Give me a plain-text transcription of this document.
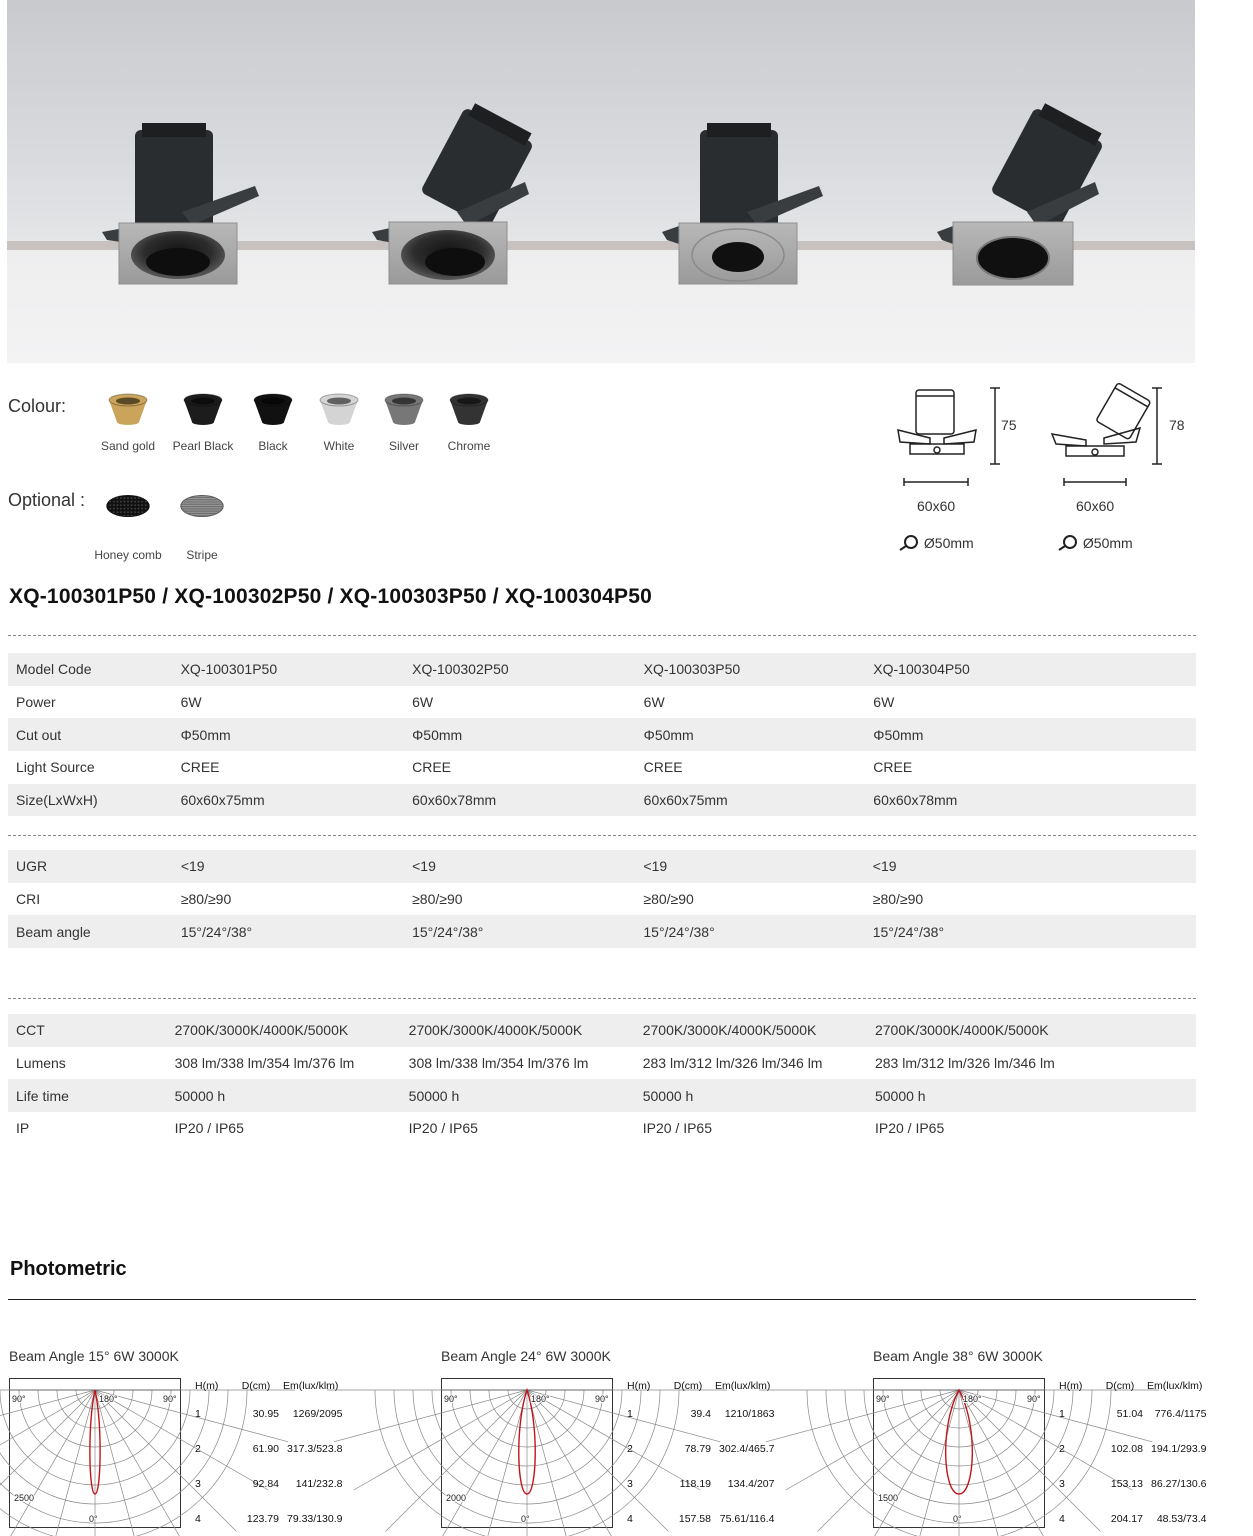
Colour:
Sand gold	Pearl Black	Black	White	Silver	Chrome
Optional :
Honey comb	Stripe
75	78
60x60	60x60
Ø50mm	Ø50mm
XQ-100301P50 / XQ-100302P50 / XQ-100303P50 / XQ-100304P50
Model Code	XQ-100301P50	XQ-100302P50	XQ-100303P50	XQ-100304P50
Power	6W	6W	6W	6W
Cut out	Φ50mm	Φ50mm	Φ50mm	Φ50mm
Light Source	CREE	CREE	CREE	CREE
Size(LxWxH)	60x60x75mm	60x60x78mm	60x60x75mm	60x60x78mm
UGR	<19	<19	<19	<19
CRI	≥80/≥90	≥80/≥90	≥80/≥90	≥80/≥90
Beam angle	15°/24°/38°	15°/24°/38°	15°/24°/38°	15°/24°/38°
CCT	2700K/3000K/4000K/5000K	2700K/3000K/4000K/5000K	2700K/3000K/4000K/5000K	2700K/3000K/4000K/5000K
Lumens	308 lm/338 lm/354 lm/376 lm	308 lm/338 lm/354 lm/376 lm	283 lm/312 lm/326 lm/346 lm	283 lm/312 lm/326 lm/346 lm
Life time	50000 h	50000 h	50000 h	50000 h
IP	IP20 / IP65	IP20 / IP65	IP20 / IP65	IP20 / IP65
Photometric
Beam Angle 15° 6W 3000K
90°	180°	90°
0°
2500
H(m)	D(cm)	Em(lux/klm)
1	30.95	1269/2095
2	61.90	317.3/523.8
3	92.84	141/232.8
4	123.79	79.33/130.9
Beam Angle 24° 6W 3000K
90°	180°	90°
0°
2000
H(m)	D(cm)	Em(lux/klm)
1	39.4	1210/1863
2	78.79	302.4/465.7
3	118.19	134.4/207
4	157.58	75.61/116.4
Beam Angle 38° 6W 3000K
90°	180°	90°
0°
1500
H(m)	D(cm)	Em(lux/klm)
1	51.04	776.4/1175
2	102.08	194.1/293.9
3	153.13	86.27/130.6
4	204.17	48.53/73.4
